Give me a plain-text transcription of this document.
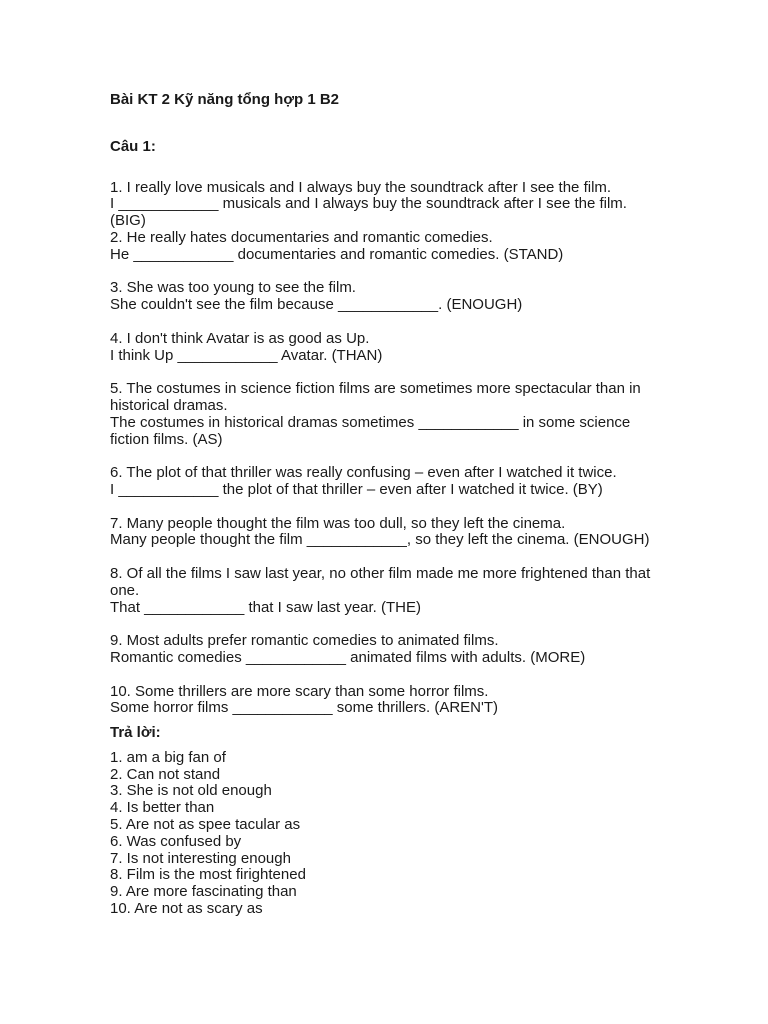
Bài KT 2 Kỹ năng tổng hợp 1 B2

Câu 1:

1. I really love musicals and I always buy the soundtrack after I see the film.
I ____________ musicals and I always buy the soundtrack after I see the film.
(BIG)
2. He really hates documentaries and romantic comedies.
He ____________ documentaries and romantic comedies. (STAND)
3. She was too young to see the film.
She couldn't see the film because ____________. (ENOUGH)
4. I don't think Avatar is as good as Up.
I think Up ____________ Avatar. (THAN)
5. The costumes in science fiction films are sometimes more spectacular than in
historical dramas.
The costumes in historical dramas sometimes ____________ in some science
fiction films. (AS)
6. The plot of that thriller was really confusing – even after I watched it twice.
I ____________ the plot of that thriller – even after I watched it twice. (BY)
7. Many people thought the film was too dull, so they left the cinema.
Many people thought the film ____________, so they left the cinema. (ENOUGH)
8. Of all the films I saw last year, no other film made me more frightened than that
one.
That ____________ that I saw last year. (THE)
9. Most adults prefer romantic comedies to animated films.
Romantic comedies ____________ animated films with adults. (MORE)
10. Some thrillers are more scary than some horror films.
Some horror films ____________ some thrillers. (AREN'T)

Trả lời:

1. am a big fan of
2. Can not stand
3. She is not old enough
4. Is better than
5. Are not as spee tacular as
6. Was confused by
7. Is not interesting enough
8. Film is the most firightened
9. Are more fascinating than
10. Are not as scary as
